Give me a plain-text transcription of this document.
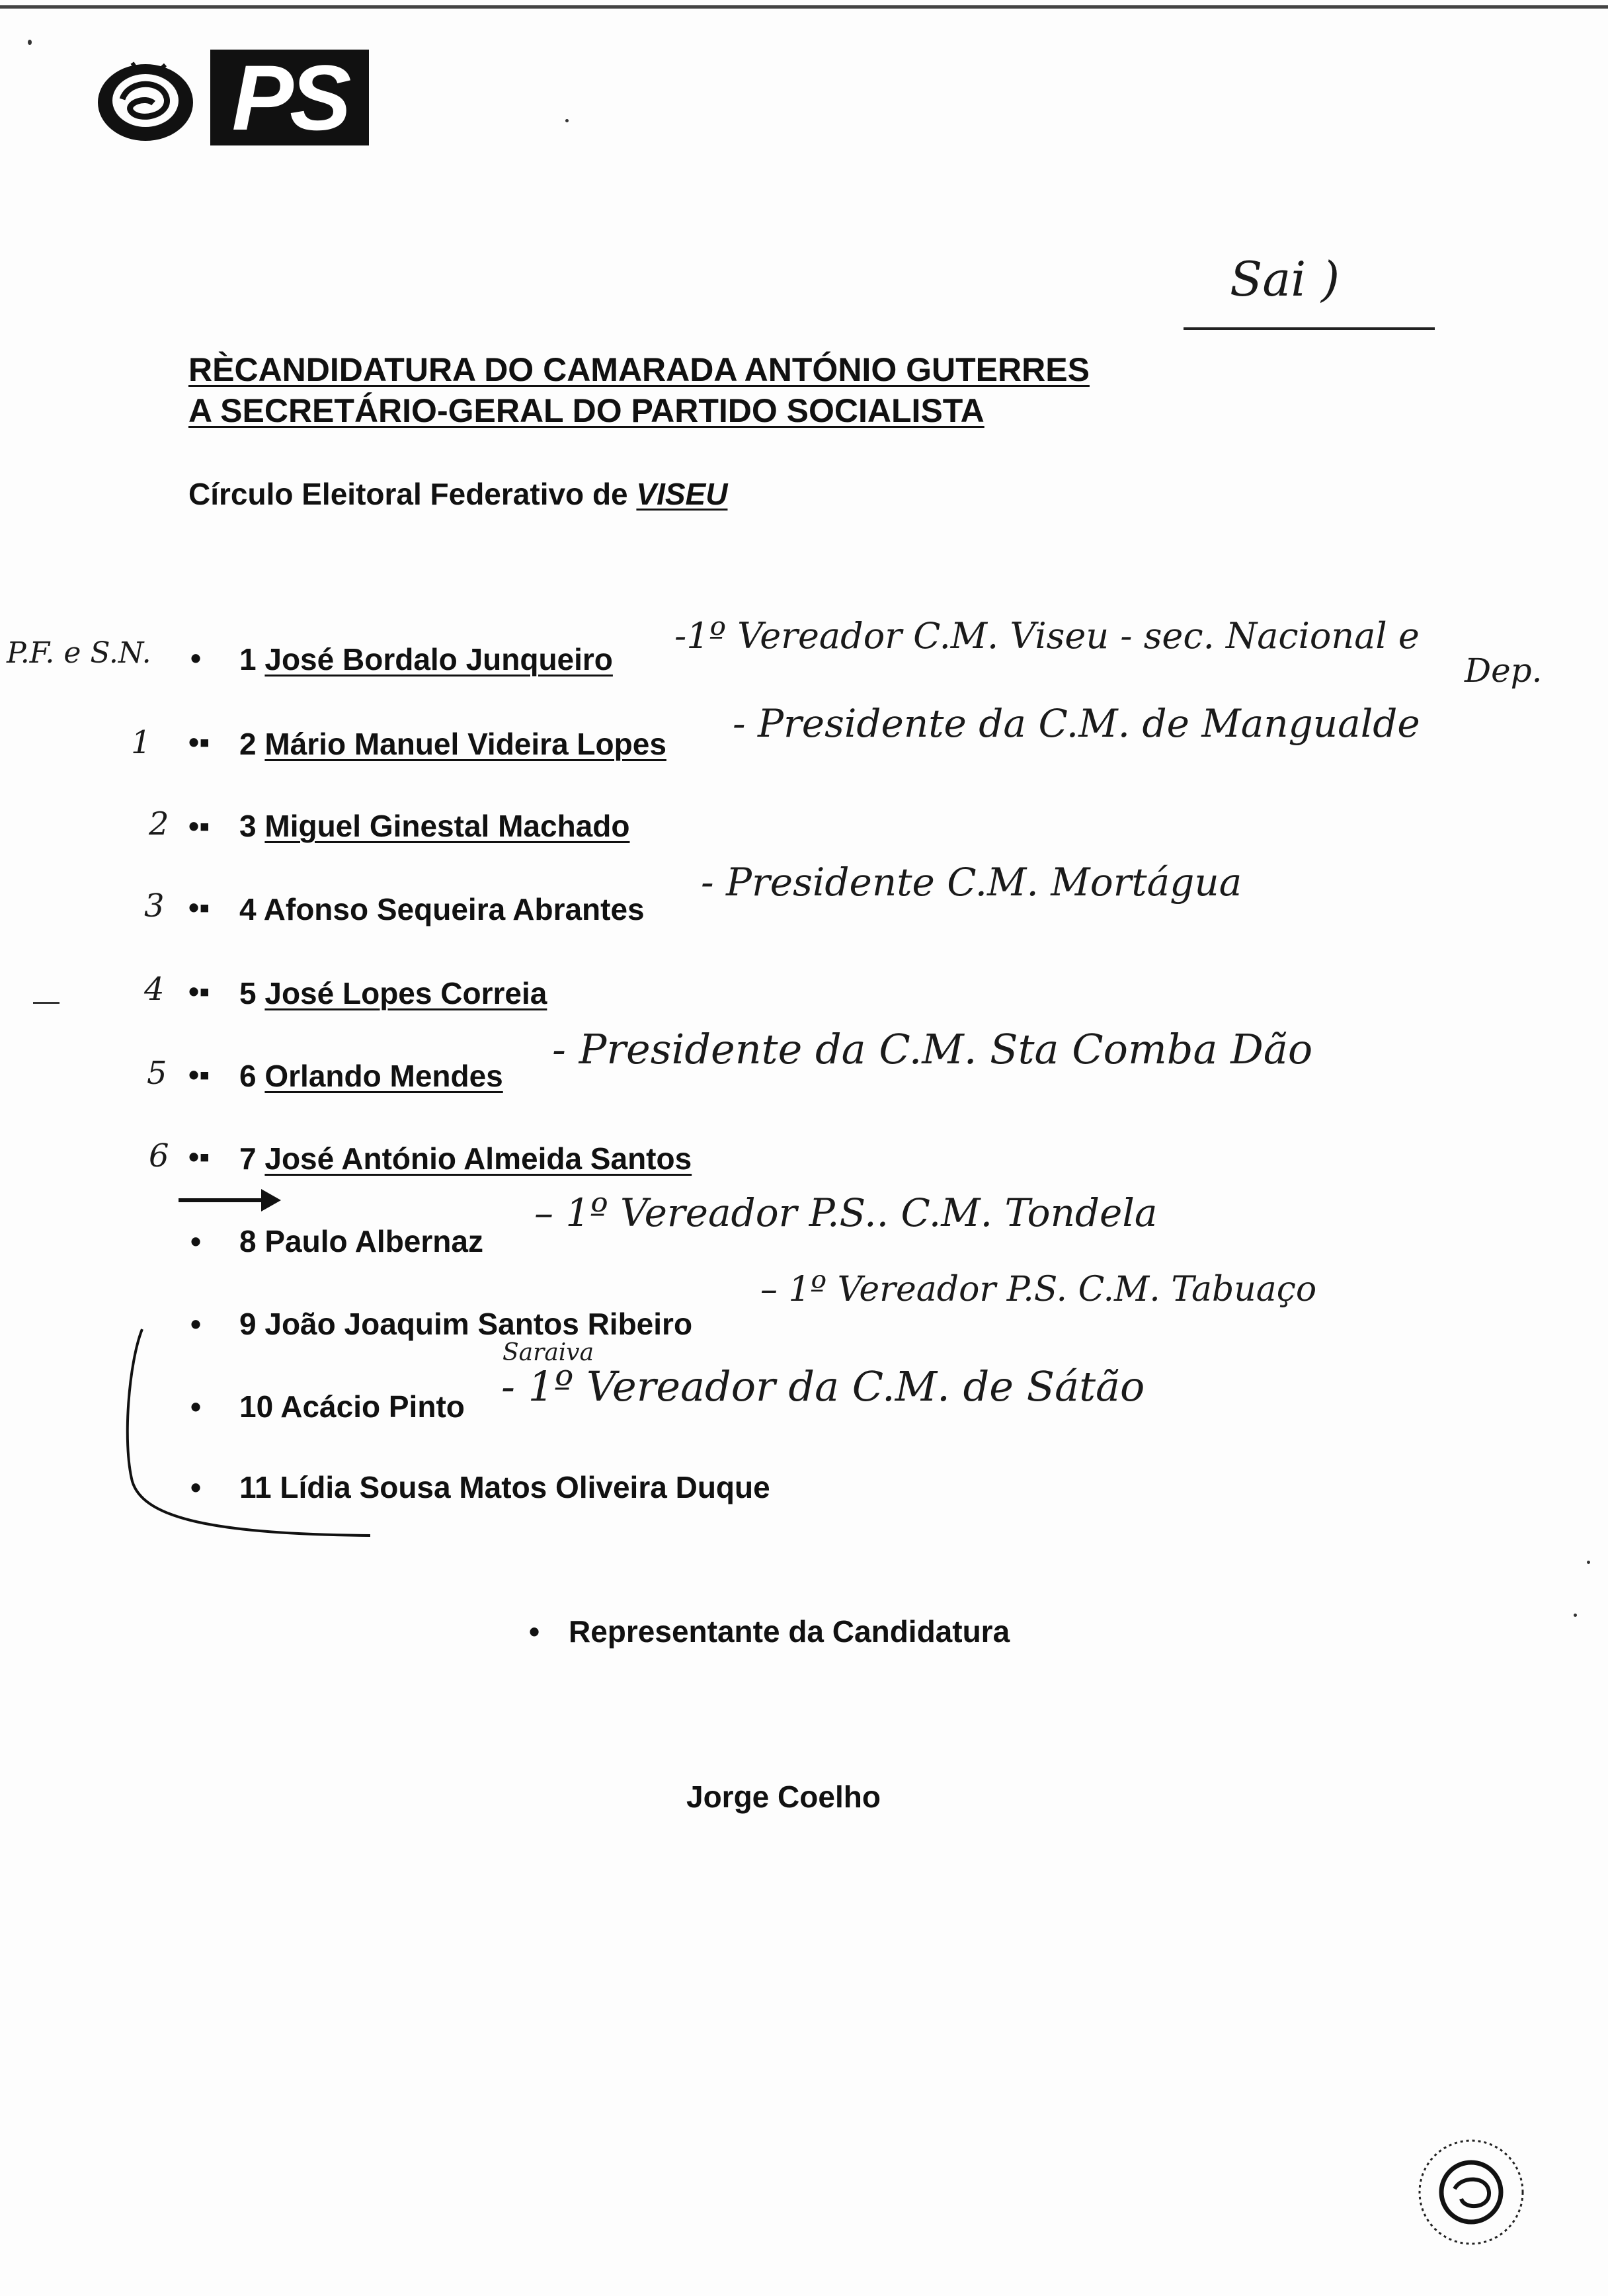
PS
Sai )
RÈCANDIDATURA DO CAMARADA ANTÓNIO GUTERRES
A SECRETÁRIO-GERAL DO PARTIDO SOCIALISTA
Círculo Eleitoral Federativo de VISEU
P.F. e S.N. • 1 José Bordalo Junqueiro
-1º Vereador C.M. Viseu - sec. Nacional e
Dep.
1 •▪ 2 Mário Manuel Videira Lopes - Presidente da C.M. de Mangualde
2 •▪ 3 Miguel Ginestal Machado
3 •▪ 4 Afonso Sequeira Abrantes
- Presidente C.M. Mortágua
4 •▪ 5 José Lopes Correia
5 •▪ 6 Orlando Mendes
- Presidente da C.M. Sta Comba Dão
6 •▪ 7 José António Almeida Santos
• 8 Paulo Albernaz
– 1º Vereador P.S.. C.M. Tondela
• 9 João Joaquim Santos Ribeiro
Saraiva
– 1º Vereador P.S. C.M. Tabuaço
• 10 Acácio Pinto - 1º Vereador da C.M. de Sátão
• 11 Lídia Sousa Matos Oliveira Duque
• Representante da Candidatura
Jorge Coelho
